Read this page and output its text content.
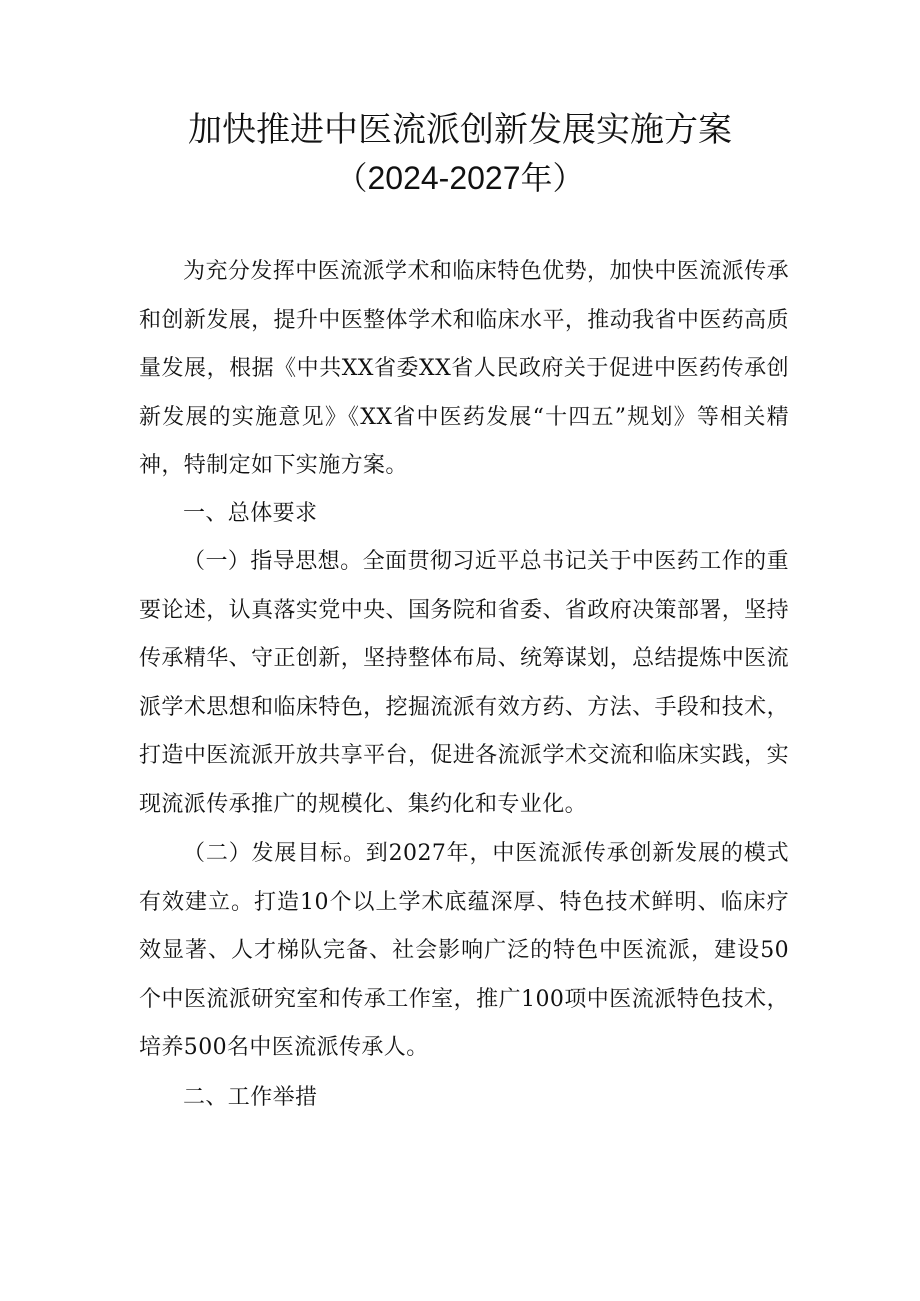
加快推进中医流派创新发展实施方案
（2024-2027年）

为充分发挥中医流派学术和临床特色优势，加快中医流派传承和创新发展，提升中医整体学术和临床水平，推动我省中医药高质量发展，根据《中共XX省委XX省人民政府关于促进中医药传承创新发展的实施意见》《XX省中医药发展“十四五”规划》等相关精神，特制定如下实施方案。

一、总体要求

（一）指导思想。全面贯彻习近平总书记关于中医药工作的重要论述，认真落实党中央、国务院和省委、省政府决策部署，坚持传承精华、守正创新，坚持整体布局、统筹谋划，总结提炼中医流派学术思想和临床特色，挖掘流派有效方药、方法、手段和技术，打造中医流派开放共享平台，促进各流派学术交流和临床实践，实现流派传承推广的规模化、集约化和专业化。

（二）发展目标。到2027年，中医流派传承创新发展的模式有效建立。打造10个以上学术底蕴深厚、特色技术鲜明、临床疗效显著、人才梯队完备、社会影响广泛的特色中医流派，建设50个中医流派研究室和传承工作室，推广100项中医流派特色技术，培养500名中医流派传承人。

二、工作举措
